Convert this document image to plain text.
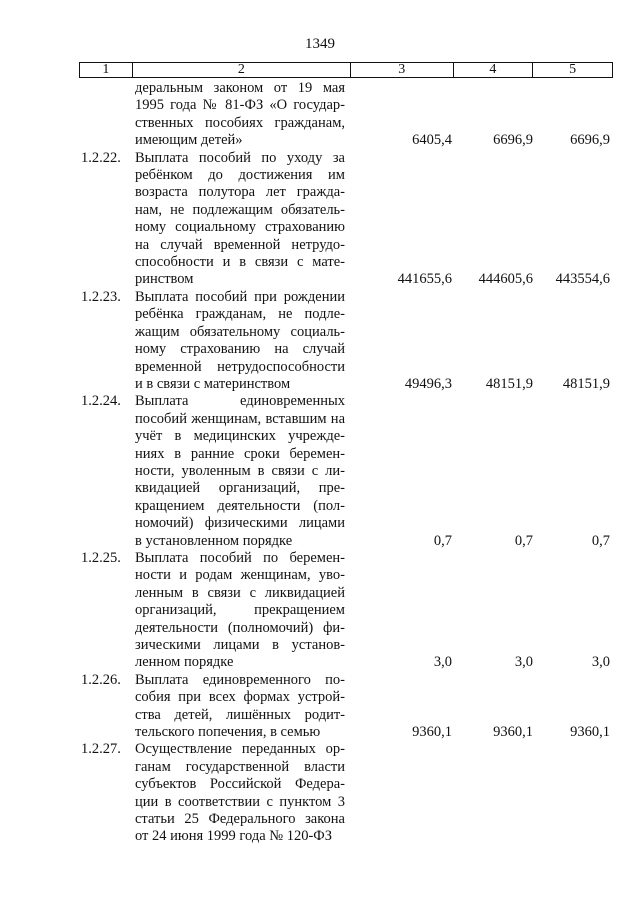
1349
1	2	3	4	5
дерaльным законом от 19 мая
1995 года № 81-ФЗ «О государ-
ственных пособиях гражданам,
имеющим детей»	6405,4	6696,9	6696,9
1.2.22. Выплата пособий по уходу за
ребёнком до достижения им
возраста полутора лет гражда-
нам, не подлежащим обязатель-
ному социальному страхованию
на случай временной нетрудо-
способности и в связи с мате-
ринством	441655,6	444605,6	443554,6
1.2.23. Выплата пособий при рождении
ребёнка гражданам, не подле-
жащим обязательному социаль-
ному страхованию на случай
временной нетрудоспособности
и в связи с материнством	49496,3	48151,9	48151,9
1.2.24. Выплата единовременных
пособий женщинам, вставшим на
учёт в медицинских учрежде-
ниях в ранние сроки беремен-
ности, уволенным в связи с ли-
квидацией организаций, пре-
кращением деятельности (пол-
номочий) физическими лицами
в установленном порядке	0,7	0,7	0,7
1.2.25. Выплата пособий по беремен-
ности и родам женщинам, уво-
ленным в связи с ликвидацией
организаций, прекращением
деятельности (полномочий) фи-
зическими лицами в установ-
ленном порядке	3,0	3,0	3,0
1.2.26. Выплата единовременного по-
собия при всех формах устрой-
ства детей, лишённых родит-
тельского попечения, в семью	9360,1	9360,1	9360,1
1.2.27. Осуществление переданных ор-
ганам государственной власти
субъектов Российской Федера-
ции в соответствии с пунктом 3
статьи 25 Федерального закона
от 24 июня 1999 года № 120-ФЗ
